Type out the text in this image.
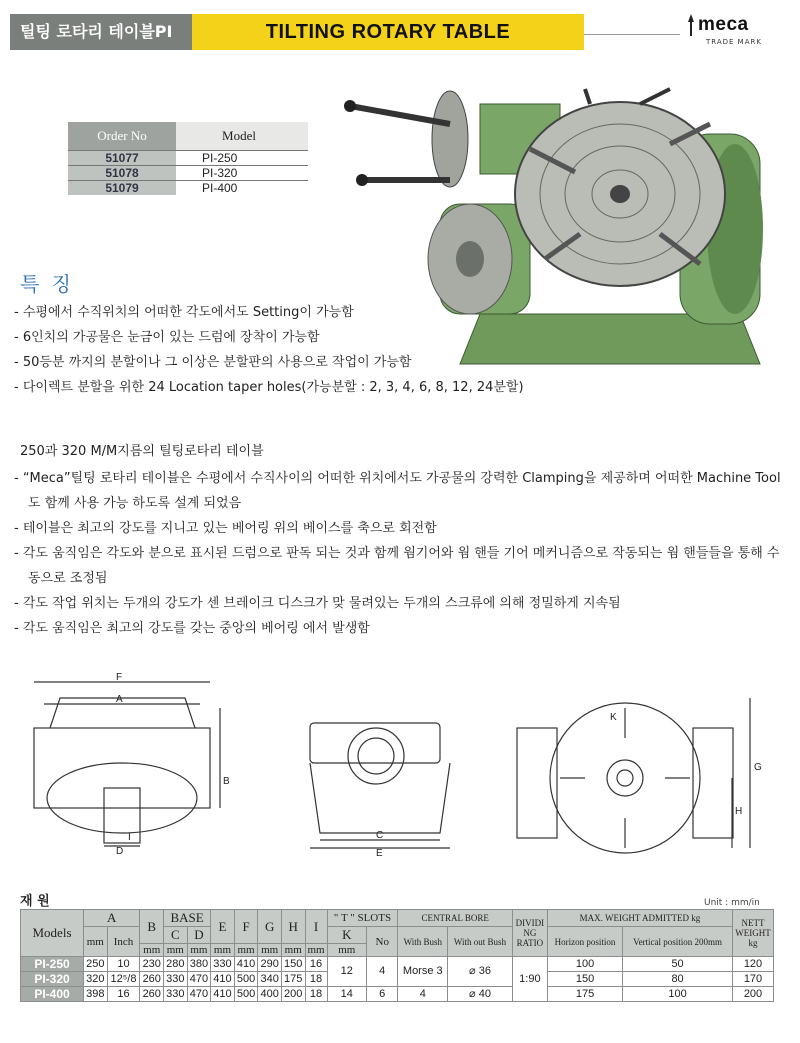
틸팅 로타리 테이블PI	TILTING ROTARY TABLE	meca
TRADE MARK
Order No	Model
51077	PI-250
51078	PI-320
51079	PI-400
특 징
- 수평에서 수직위치의 어떠한 각도에서도 Setting이 가능함
- 6인치의 가공물은 눈금이 있는 드럼에 장착이 가능함
- 50등분 까지의 분할이나 그 이상은 분할판의 사용으로 작업이 가능함
- 다이렉트 분할을 위한 24 Location taper holes(가능분할 : 2, 3, 4, 6, 8, 12, 24분할)
250과 320 M/M지름의 틸팅로타리 테이블
- “Meca”틸팅 로타리 테이블은 수평에서 수직사이의 어떠한 위치에서도 가공물의 강력한 Clamping을 제공하며 어떠한 Machine Tool도 함께 사용 가능 하도록 설계 되었음
- 테이블은 최고의 강도를 지니고 있는 베어링 위의 베이스를 축으로 회전함
- 각도 움직임은 각도와 분으로 표시된 드럼으로 판독 되는 것과 함께 웜기어와 웜 핸들 기어 메커니즘으로 작동되는 웜 핸들들을 통해 수동으로 조정됨
- 각도 작업 위치는 두개의 강도가 센 브레이크 디스크가 맞 물려있는 두개의 스크류에 의해 정밀하게 지속됨
- 각도 움직임은 최고의 강도를 갖는 중앙의 베어링 에서 발생함
F
A
B
I
D
C
E
K
G
H
재 원	Unit : mm/in
Models	A		B	BASE		E	F	G	H	I	" T " SLOTS		CENTRAL BORE		DIVIDI NG RATIO	MAX. WEIGHT ADMITTED kg		NETT WEIGHT kg
	mm	Inch		C	D						K	No	With Bush	With out Bush		Horizon position	Vertical position 200mm	
			mm	mm	mm	mm	mm	mm	mm	mm	mm							
PI-250	250	10	230	280	380	330	410	290	150	16	12	4	Morse 3	⌀ 36	1:90	100	50	120
PI-320	320	12⁵/8	260	330	470	410	500	340	175	18						150	80	170
PI-400	398	16	260	330	470	410	500	400	200	18	14	6	4	⌀ 40		175	100	200
